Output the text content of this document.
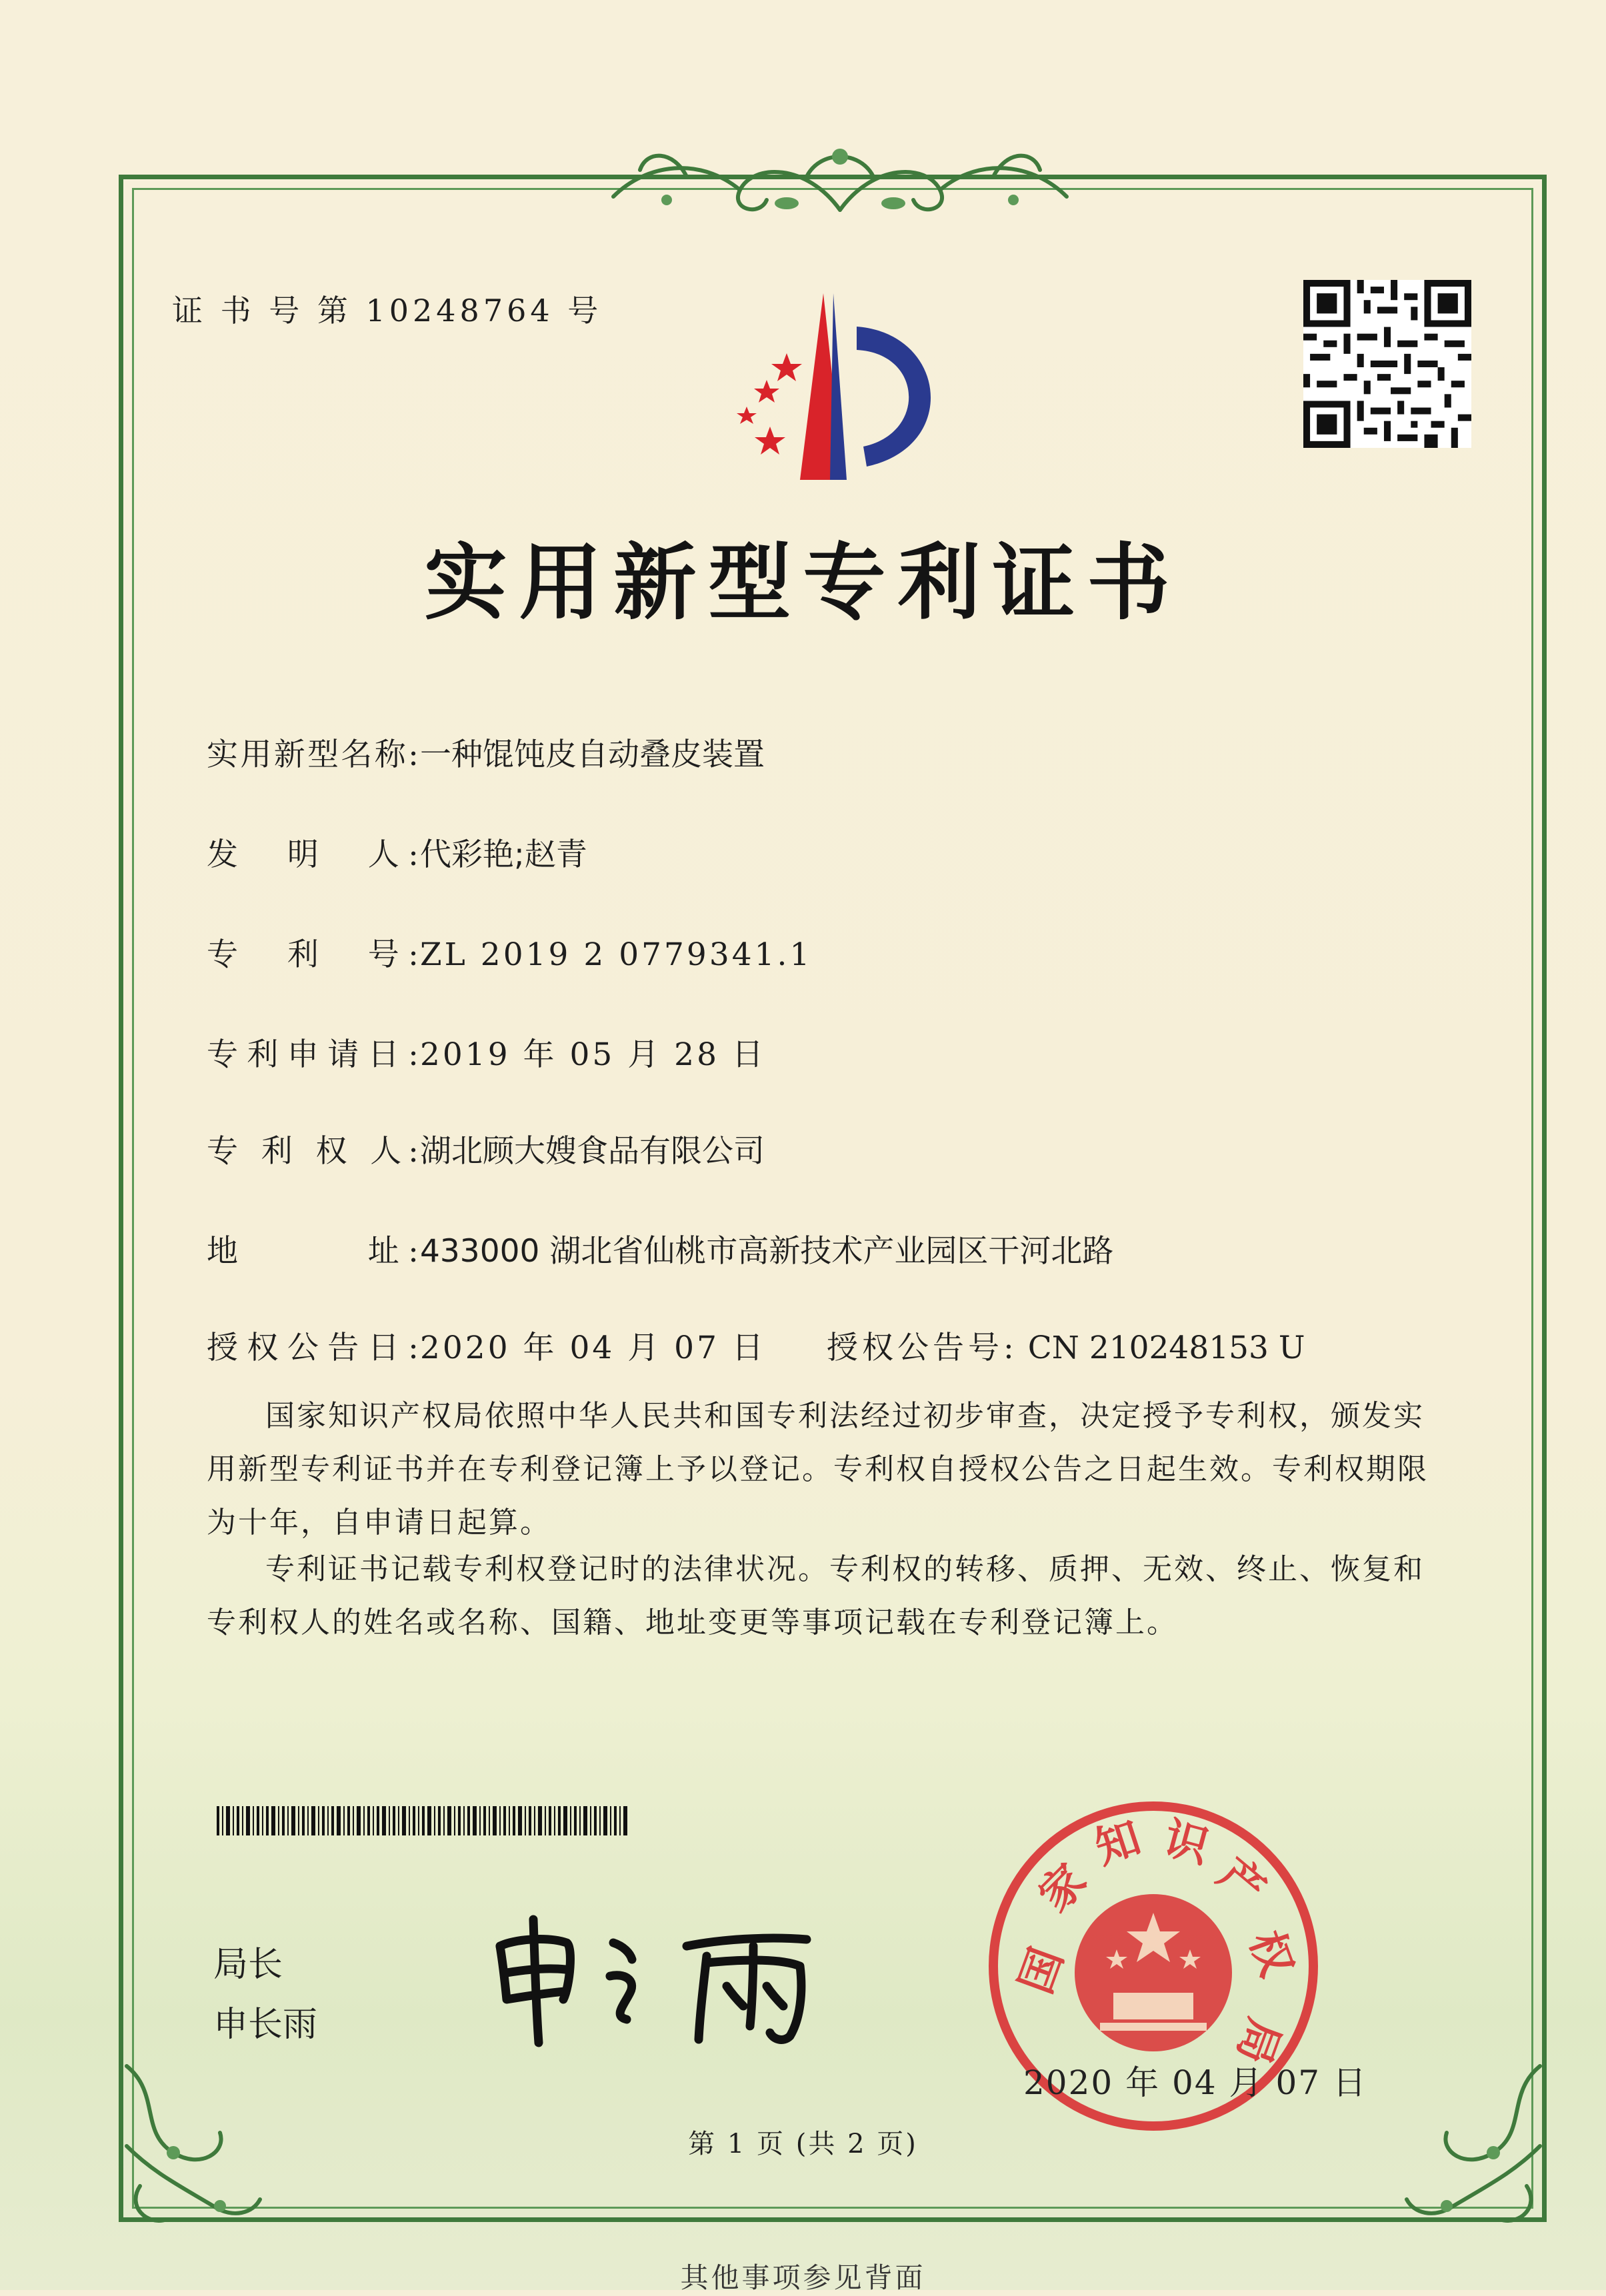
证 书 号 第 10248764 号
实用新型专利证书
实用新型名称:一种馄饨皮自动叠皮装置
发　明　人:代彩艳;赵青
专　利　号:ZL 2019 2 0779341.1
专利申请日:2019 年 05 月 28 日
专 利 权 人:湖北顾大嫂食品有限公司
地　　　址:433000 湖北省仙桃市高新技术产业园区干河北路
授权公告日:2020 年 04 月 07 日 授权公告号: CN 210248153 U

国家知识产权局依照中华人民共和国专利法经过初步审查，决定授予专利权，颁发实用新型专利证书并在专利登记簿上予以登记。专利权自授权公告之日起生效。专利权期限为十年，自申请日起算。

专利证书记载专利权登记时的法律状况。专利权的转移、质押、无效、终止、恢复和专利权人的姓名或名称、国籍、地址变更等事项记载在专利登记簿上。

局长
申长雨
国
家
知 识
产
权
局
2020 年 04 月 07 日
第 1 页 (共 2 页)
其他事项参见背面
